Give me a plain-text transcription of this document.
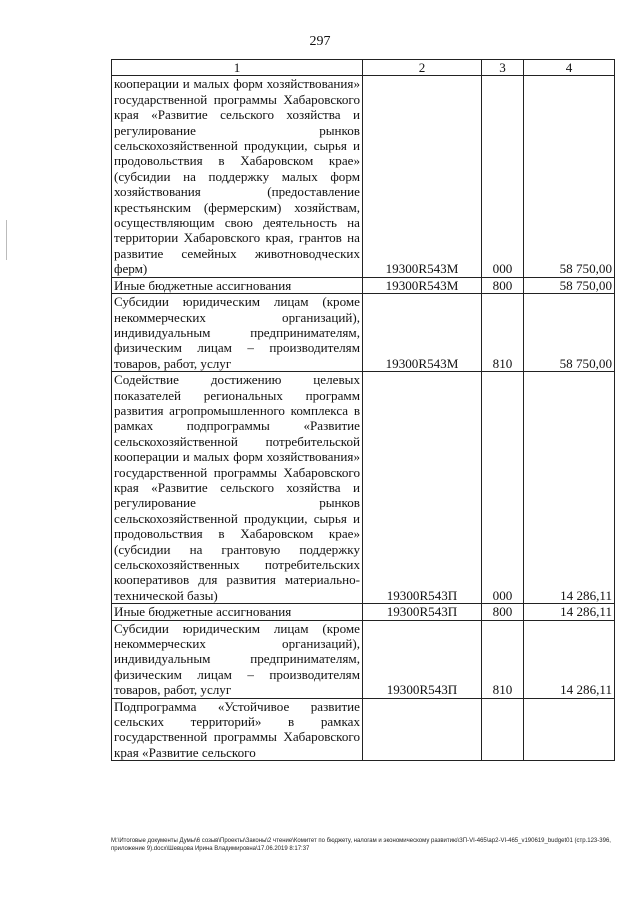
297
1	2	3	4
кооперации и малых форм хозяйствования» государственной программы Хабаровского края «Развитие сельского хозяйства и регулирование рынков сельскохозяйственной продукции, сырья и продовольствия в Хабаровском крае» (субсидии на поддержку малых форм хозяйствования (предоставление крестьянским (фермерским) хозяйствам, осуществляющим свою деятельность на территории Хабаровского края, грантов на развитие семейных животноводческих ферм)	19300R543M	000	58 750,00
Иные бюджетные ассигнования	19300R543M	800	58 750,00
Субсидии юридическим лицам (кроме некоммерческих организаций), индивидуальным предпринимателям, физическим лицам – производителям товаров, работ, услуг	19300R543M	810	58 750,00
Содействие достижению целевых показателей региональных программ развития агропромышленного комплекса в рамках подпрограммы «Развитие сельскохозяйственной потребительской кооперации и малых форм хозяйствования» государственной программы Хабаровского края «Развитие сельского хозяйства и регулирование рынков сельскохозяйственной продукции, сырья и продовольствия в Хабаровском крае» (субсидии на грантовую поддержку сельскохозяйственных потребительских кооперативов для развития материально-технической базы)	19300R543П	000	14 286,11
Иные бюджетные ассигнования	19300R543П	800	14 286,11
Субсидии юридическим лицам (кроме некоммерческих организаций), индивидуальным предпринимателям, физическим лицам – производителям товаров, работ, услуг	19300R543П	810	14 286,11
Подпрограмма «Устойчивое развитие сельских территорий» в рамках государственной программы Хабаровского края «Развитие сельского			
M:\Итоговые документы Думы\6 созыв\Проекты\Законы\2 чтение\Комитет по бюджету, налогам и экономическому развитию\ЗП-VI-465\ap2-VI-465_v190619_budget01 (стр.123-396, приложение 9).docx\Шевцова Ирина Владимировна\17.06.2019 8:17:37
